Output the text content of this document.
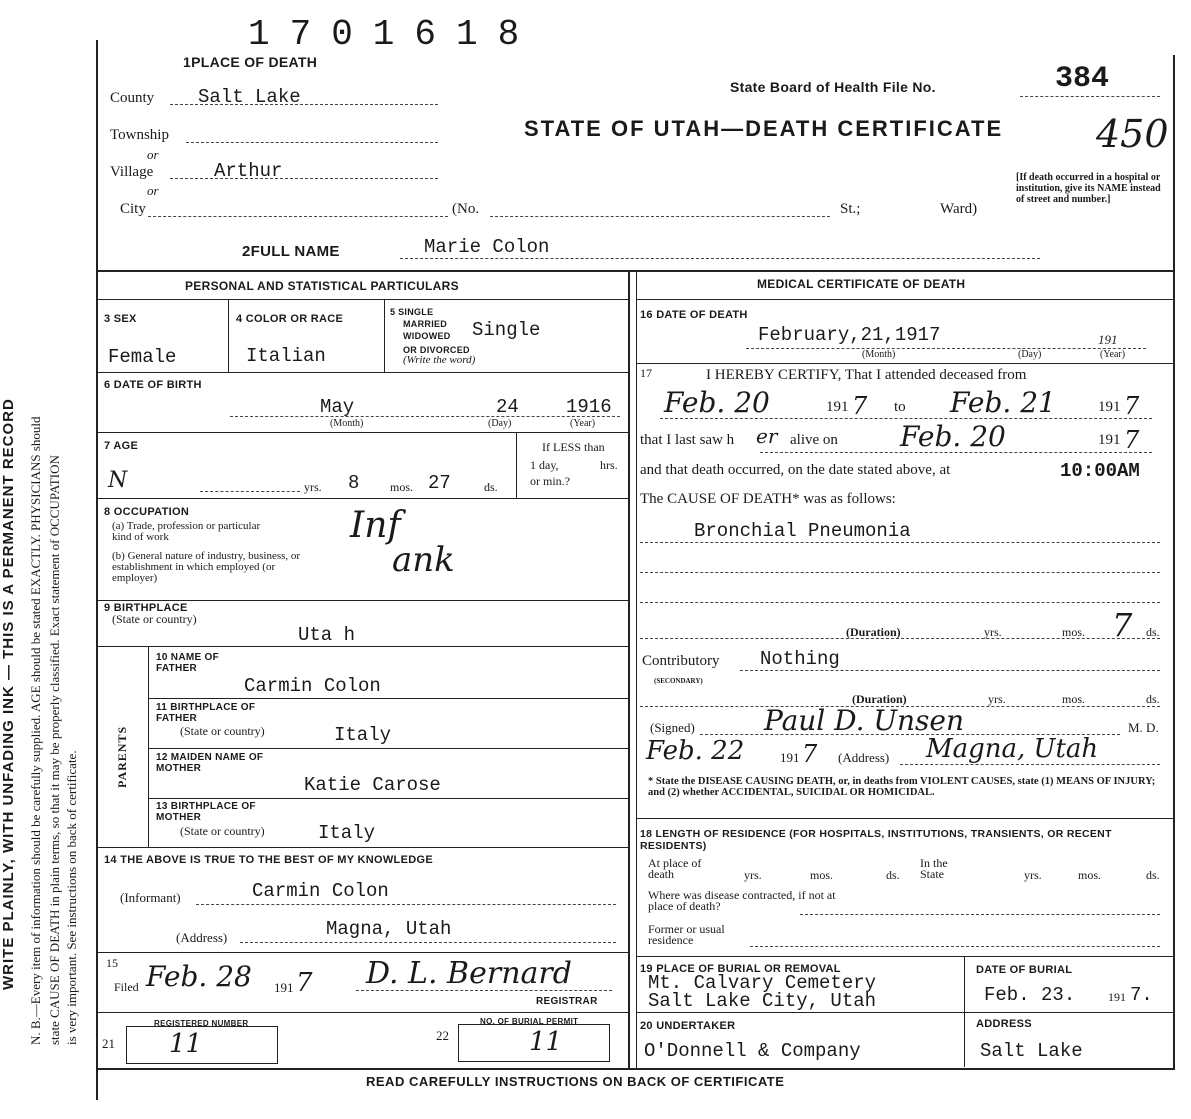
N. B.—Every item of information should be carefully supplied. AGE should be stated EXACTLY. PHYSICIANS should state CAUSE OF DEATH in plain terms, so that it may be properly classified. Exact statement of OCCUPATION is very important. See instructions on back of certificate.
WRITE PLAINLY, WITH UNFADING INK — THIS IS A PERMANENT RECORD
1701618
1PLACE OF DEATH
County Salt Lake
Township
or
Village	Arthur
or
City	(No.	St.;	Ward)
State Board of Health File No.	384
STATE OF UTAH—DEATH CERTIFICATE 450
[If death occurred in a hospital or institution, give its NAME instead of street and number.]
2FULL NAME	Marie Colon
PERSONAL AND STATISTICAL PARTICULARS	MEDICAL CERTIFICATE OF DEATH
3 SEX
Female
4 COLOR OR RACE
Italian
5 SINGLE
MARRIED
WIDOWED
OR DIVORCED
(Write the word)
Single
6 DATE OF BIRTH
May	24 1916
(Month)	(Day)	(Year)
7 AGE
N	yrs. 8	mos. 27	ds.
If LESS than
1 day,	hrs.
or min.?
8 OCCUPATION
(a) Trade, profession or particular kind of work
(b) General nature of industry, business, or establishment in which employed (or employer)
Inf
ank
9 BIRTHPLACE
(State or country)
Uta h
PARENTS
10 NAME OF FATHER
Carmin Colon
11 BIRTHPLACE OF FATHER
(State or country)	Italy
12 MAIDEN NAME OF MOTHER
Katie Carose
13 BIRTHPLACE OF MOTHER
(State or country)	Italy
14 THE ABOVE IS TRUE TO THE BEST OF MY KNOWLEDGE
(Informant)	Carmin Colon
(Address)	Magna, Utah
15
Filed Feb. 28 191 7 D. L. Bernard
REGISTRAR
REGISTERED NUMBER	NO. OF BURIAL PERMIT
21 11	22	11
16 DATE OF DEATH
February,21,1917	191
(Month)	(Day)	(Year)
17	I HEREBY CERTIFY, That I attended deceased from
Feb. 20	191 7 to Feb. 21	191 7
that I last saw h er alive on Feb. 20	191 7
and that death occurred, on the date stated above, at	10:00AM
The CAUSE OF DEATH* was as follows:
Bronchial Pneumonia
(Duration)	yrs.	mos. 7 ds.
Contributory
(SECONDARY)
Nothing
(Duration)	yrs.	mos.	ds.
(Signed) Paul D. Unsen	M. D.
Feb. 22	191 7 (Address) Magna, Utah
* State the DISEASE CAUSING DEATH, or, in deaths from VIOLENT CAUSES, state (1) MEANS OF INJURY; and (2) whether ACCIDENTAL, SUICIDAL OR HOMICIDAL.
18 LENGTH OF RESIDENCE (FOR HOSPITALS, INSTITUTIONS, TRANSIENTS, OR RECENT RESIDENTS)
At place of death	yrs.	mos.	ds.
In the State	yrs.	mos.	ds.
Where was disease contracted, if not at place of death?
Former or usual residence
19 PLACE OF BURIAL OR REMOVAL
Mt. Calvary Cemetery
Salt Lake City, Utah
DATE OF BURIAL
Feb. 23.	191 7.
20 UNDERTAKER
O'Donnell & Company
ADDRESS
Salt Lake
READ CAREFULLY INSTRUCTIONS ON BACK OF CERTIFICATE
